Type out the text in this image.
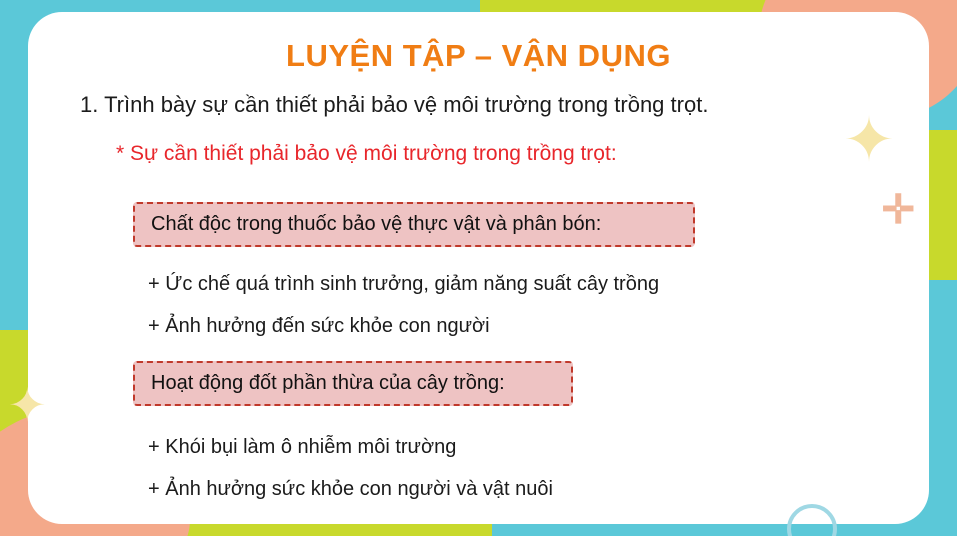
✦
✦
✛
✛
LUYỆN TẬP – VẬN DỤNG
1. Trình bày sự cần thiết phải bảo vệ môi trường trong trồng trọt.
* Sự cần thiết phải bảo vệ môi trường trong trồng trọt:
Chất độc trong thuốc bảo vệ thực vật và phân bón:
+ Ức chế quá trình sinh trưởng, giảm năng suất cây trồng
+ Ảnh hưởng đến sức khỏe con người
Hoạt động đốt phần thừa của cây trồng:
+ Khói bụi làm ô nhiễm môi trường
+ Ảnh hưởng sức khỏe con người và vật nuôi
